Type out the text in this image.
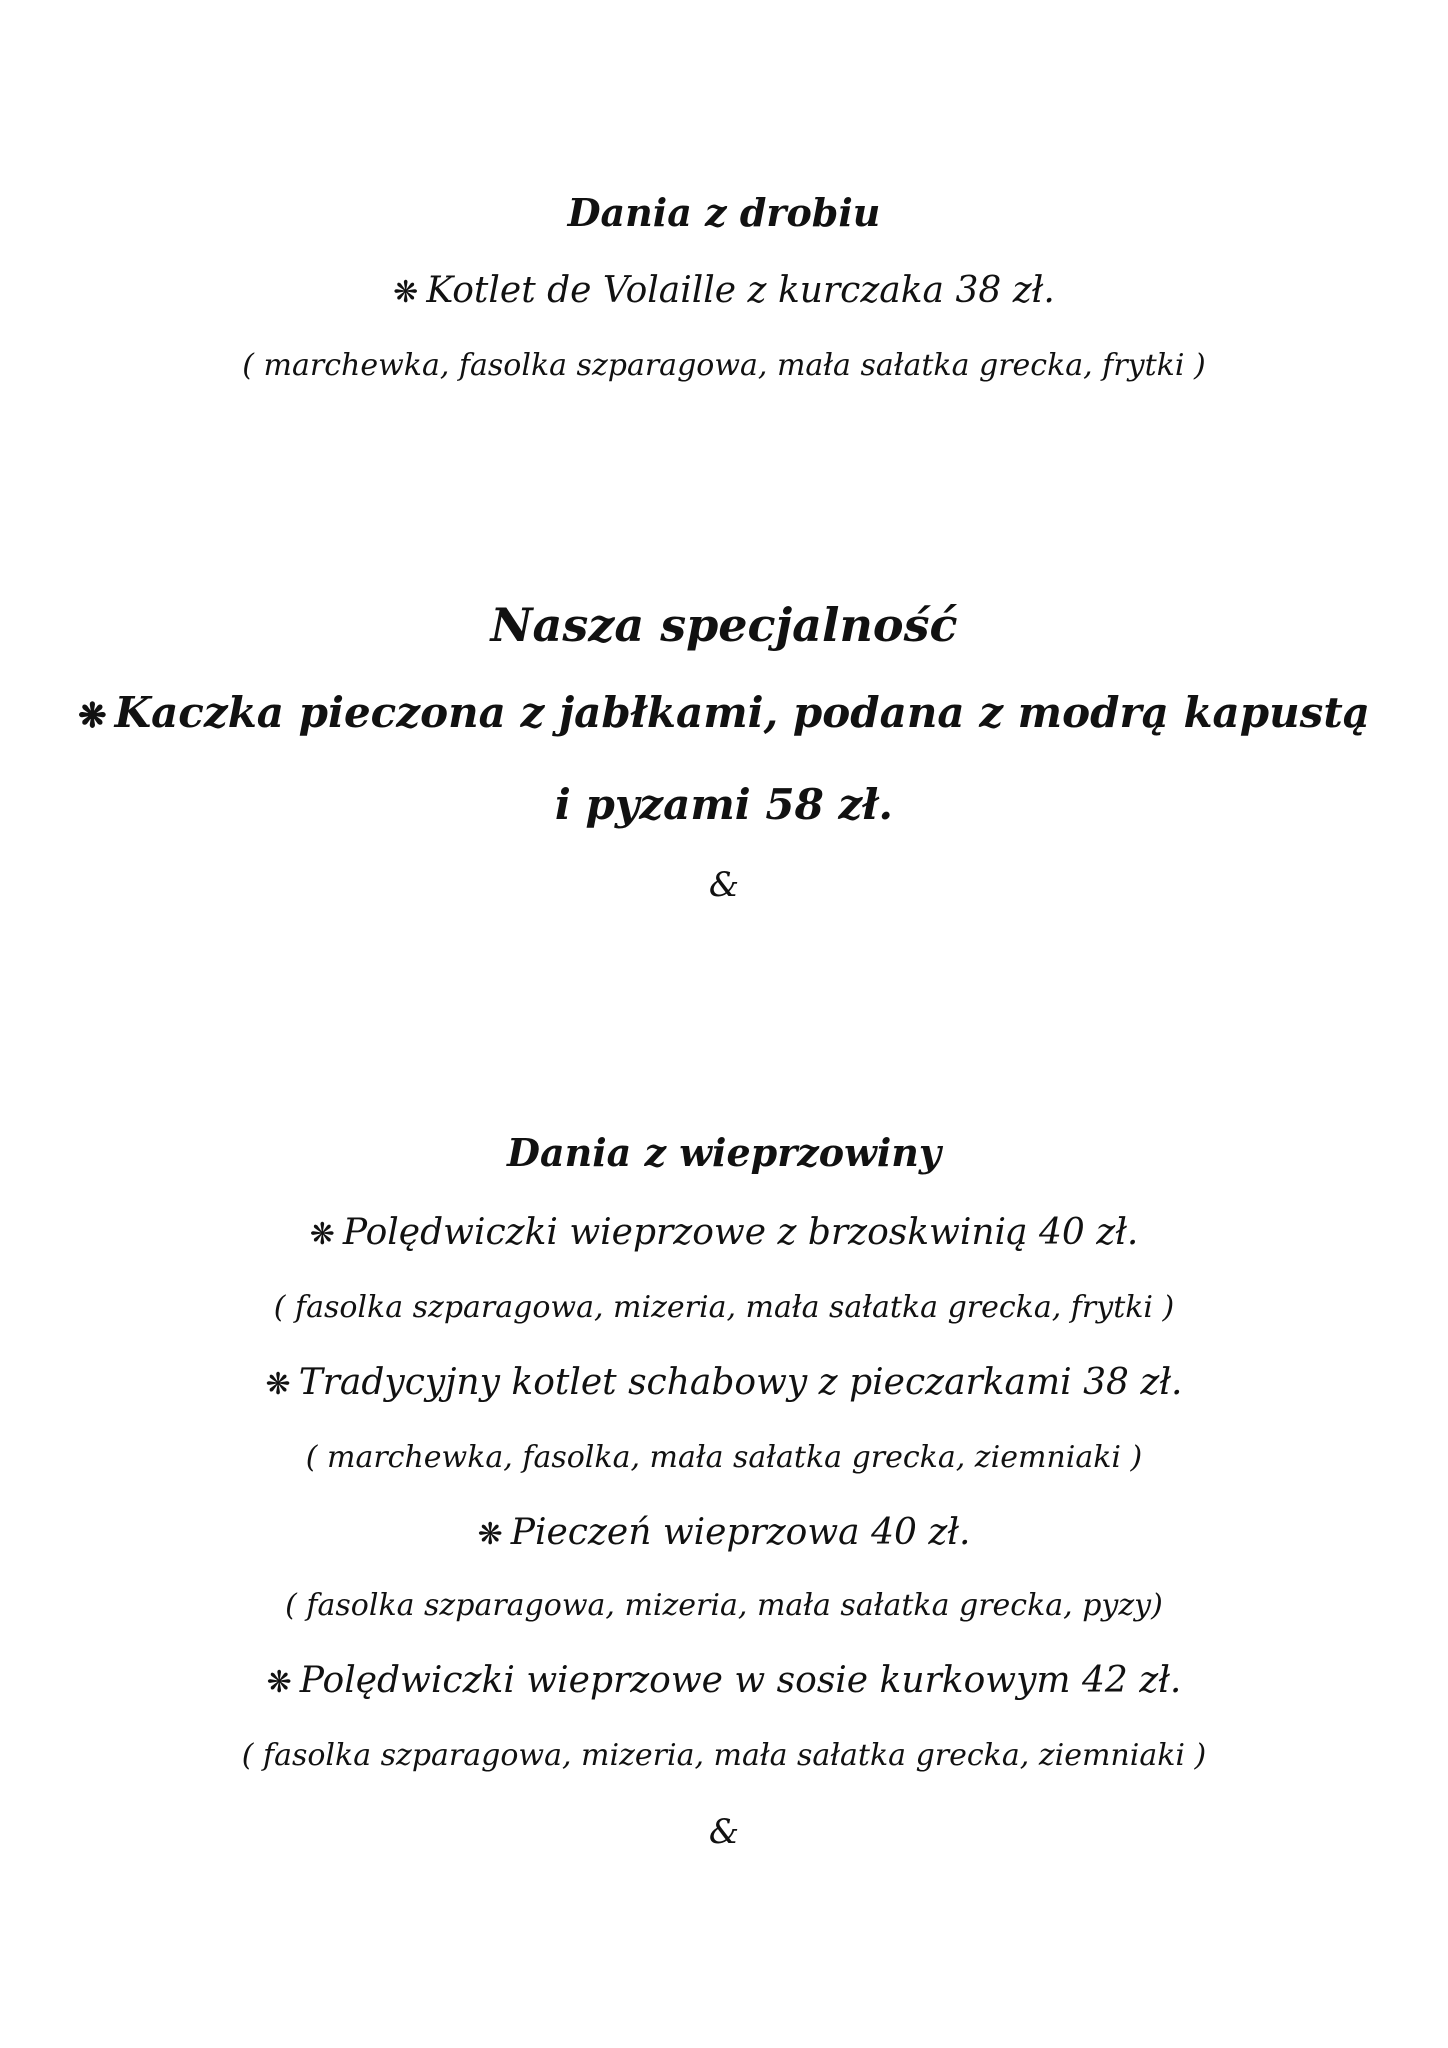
Dania z drobiu
❋ Kotlet de Volaille z kurczaka 38 zł.
( marchewka, fasolka szparagowa, mała sałatka grecka, frytki )
Nasza specjalność
❋ Kaczka pieczona z jabłkami, podana z modrą kapustą
i pyzami 58 zł.
&
Dania z wieprzowiny
❋ Polędwiczki wieprzowe z brzoskwinią 40 zł.
( fasolka szparagowa, mizeria, mała sałatka grecka, frytki )
❋ Tradycyjny kotlet schabowy z pieczarkami 38 zł.
( marchewka, fasolka, mała sałatka grecka, ziemniaki )
❋ Pieczeń wieprzowa 40 zł.
( fasolka szparagowa, mizeria, mała sałatka grecka, pyzy)
❋ Polędwiczki wieprzowe w sosie kurkowym 42 zł.
( fasolka szparagowa, mizeria, mała sałatka grecka, ziemniaki )
&
